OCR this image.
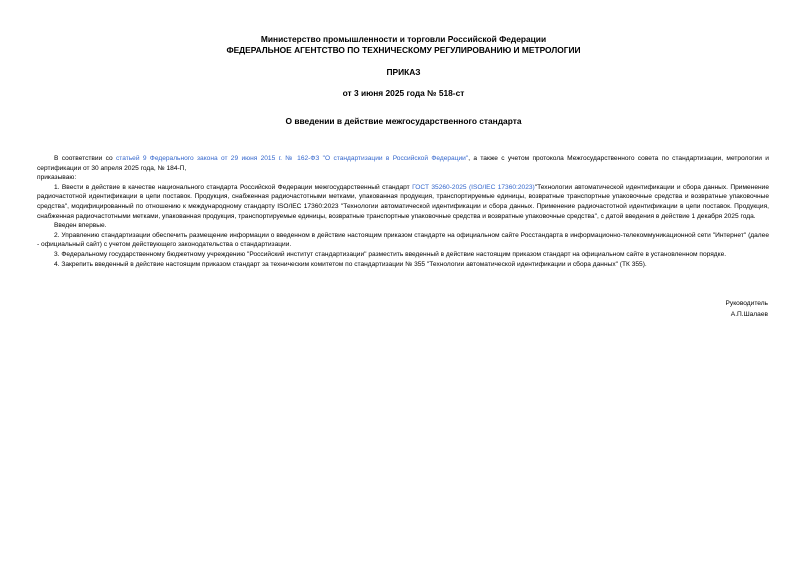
Министерство промышленности и торговли Российской Федерации
ФЕДЕРАЛЬНОЕ АГЕНТСТВО ПО ТЕХНИЧЕСКОМУ РЕГУЛИРОВАНИЮ И МЕТРОЛОГИИ
ПРИКАЗ
от 3 июня 2025 года № 518-ст
О введении в действие межгосударственного стандарта

В соответствии со статьей 9 Федерального закона от 29 июня 2015 г. № 162-ФЗ "О стандартизации в Российской Федерации", а также с учетом протокола Межгосударственного совета по стандартизации, метрологии и сертификации от 30 апреля 2025 года, № 184-П,

приказываю:

1. Ввести в действие в качестве национального стандарта Российской Федерации межгосударственный стандарт ГОСТ 35260-2025 (ISO/IEC 17360:2023)"Технологии автоматической идентификации и сбора данных. Применение радиочастотной идентификации в цепи поставок. Продукция, снабженная радиочастотными метками, упакованная продукция, транспортируемые единицы, возвратные транспортные упаковочные средства и возвратные упаковочные средства", модифицированный по отношению к международному стандарту ISO/IEC 17360:2023 "Технологии автоматической идентификации и сбора данных. Применение радиочастотной идентификации в цепи поставок. Продукция, снабженная радиочастотными метками, упакованная продукция, транспортируемые единицы, возвратные транспортные упаковочные средства и возвратные упаковочные средства", с датой введения в действие 1 декабря 2025 года.

Введен впервые.

2. Управлению стандартизации обеспечить размещение информации о введенном в действие настоящим приказом стандарте на официальном сайте Росстандарта в информационно-телекоммуникационной сети "Интернет" (далее - официальный сайт) с учетом действующего законодательства о стандартизации.

3. Федеральному государственному бюджетному учреждению "Российский институт стандартизации" разместить введенный в действие настоящим приказом стандарт на официальном сайте в установленном порядке.

4. Закрепить введенный в действие настоящим приказом стандарт за техническим комитетом по стандартизации № 355 "Технологии автоматической идентификации и сбора данных" (ТК 355).

Руководитель
А.П.Шалаев
